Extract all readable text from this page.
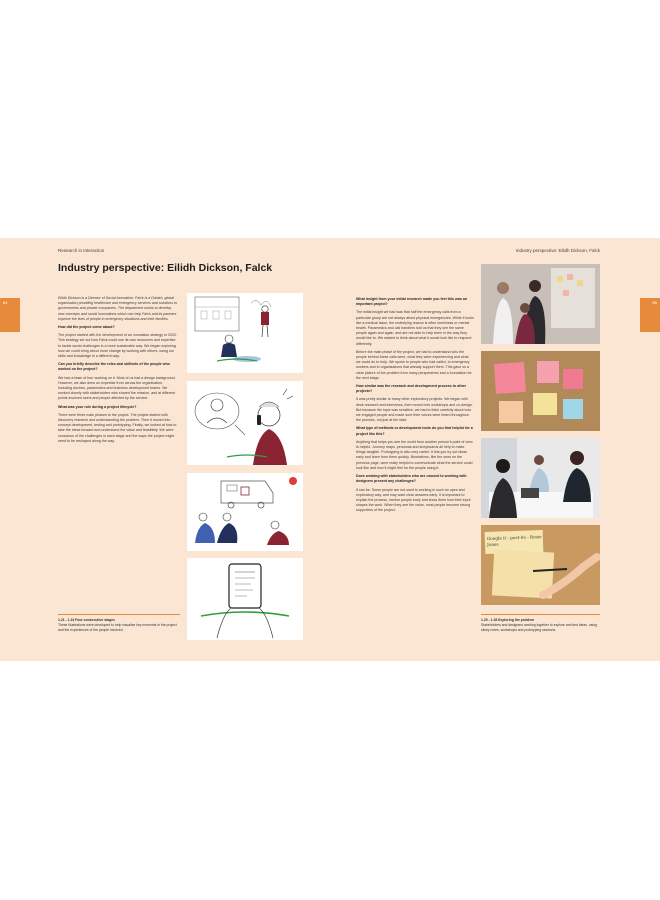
84	85
Research in Interaction	Industry perspective: Eilidh Dickson, Falck
Industry perspective: Eilidh Dickson, Falck

Eilidh Dickson is a Director of Social Innovation. Falck is a Danish, global organisation providing healthcare and emergency services and solutions to governments and private companies. The department works to develop new concepts and social innovations which can help Falck and its partners improve the lives of people in emergency situations and their families.

How did the project come about?

The project started with the development of an innovation strategy in 2020. This strategy set out how Falck could use its own resources and expertise to tackle social challenges in a more sustainable way. We began exploring how we could bring about more change by working with others, using our skills and knowledge in a different way.

Can you briefly describe the roles and skillsets of the people who worked on the project?

We had a team of four working on it. Most of us had a design background. However, we also drew on expertise from across the organisation, including doctors, paramedics and business development teams. We worked closely with stakeholders who shared the mission, and at different points involved users and people affected by the service.

What was your role during a project lifecycle?

There were three main phases to the project. The project started with discovery research and understanding the problem. Then it moved into concept development, testing and prototyping. Finally, we looked at how to take the ideas forward and understand the value and feasibility. We were conscious of the challenges in each stage and the ways the project might need to be reshaped along the way.

1.21 - 1.24 Four consecutive stages
These illustrations were developed to help visualise key moments in the project and the experiences of the people involved.

What insight from your initial research made you feel this was an important project?

The initial insight we had was that half the emergency calls from a particular group are not always about physical emergencies. While it looks like a medical issue, the underlying reason is often loneliness or mental health. Paramedics and call handlers told us that they see the same people again and again, and are not able to help them in the way they would like to. We started to think about what it would look like to respond differently.

Before the main phase of the project, we had to understand who the people behind these calls were, what they were experiencing and what we could do to help. We spoke to people who had called, to emergency workers and to organisations that already support them. This gave us a clear picture of the problem from many perspectives and a foundation for the next stage.

How similar was the research and development process to other projects?

It was pretty similar to many other exploratory projects. We began with desk research and interviews, then moved into workshops and co-design. But because the topic was sensitive, we had to think carefully about how we engaged people and made sure their voices were heard throughout the process, not just at the start.

What type of methods or development tools do you find helpful for a project like this?

Anything that helps you see the world from another person’s point of view is helpful. Journey maps, personas and storyboards all help to make things tangible. Prototyping is also very useful. It lets you try out ideas early and learn from them quickly. Illustrations, like the ones on the previous page, were really helpful to communicate what the service could look like and how it might feel for the people using it.

Does working with stakeholders who are unused to working with designers present any challenges?

It can be. Some people are not used to working in such an open and exploratory way, and may want clear answers early. It is important to explain the process, involve people early and show them how their input shapes the work. When they see the value, most people become strong supporters of the project.

Google it - post-its - Rosie Jones
1.25 - 1.28 Exploring the problem
Stakeholders and designers working together to explore and test ideas, using sticky notes, workshops and prototyping sessions.
